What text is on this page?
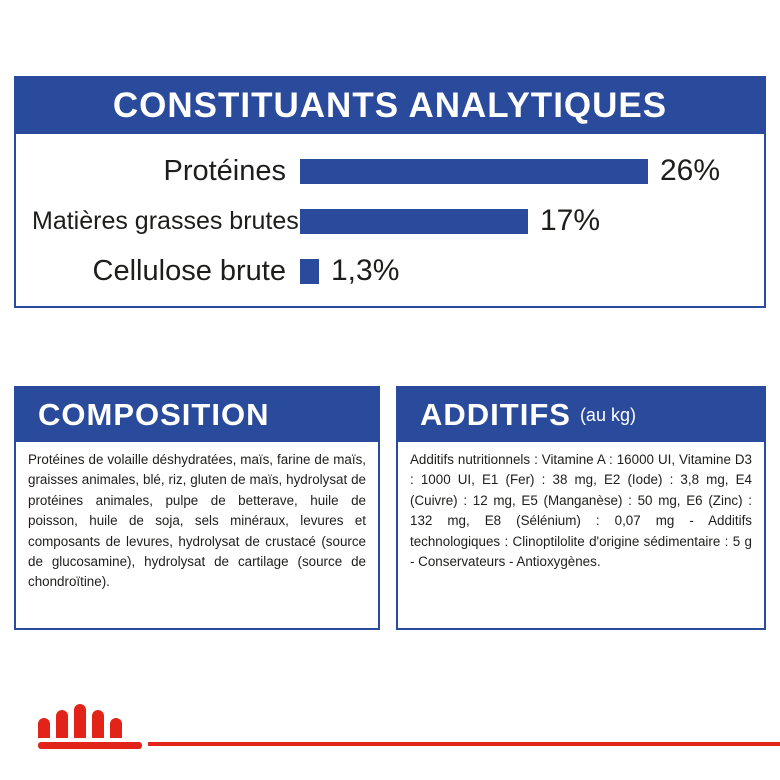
CONSTITUANTS ANALYTIQUES
Protéines	26%
Matières grasses brutes	17%
Cellulose brute	1,3%
COMPOSITION
Protéines de volaille déshydratées, maïs, farine de maïs, graisses animales, blé, riz, gluten de maïs, hydrolysat de protéines animales, pulpe de betterave, huile de poisson, huile de soja, sels minéraux, levures et composants de levures, hydrolysat de crustacé (source de glucosamine), hydrolysat de cartilage (source de chondroïtine).
ADDITIFS (au kg)
Additifs nutritionnels : Vitamine A : 16000 UI, Vitamine D3 : 1000 UI, E1 (Fer) : 38 mg, E2 (Iode) : 3,8 mg, E4 (Cuivre) : 12 mg, E5 (Manganèse) : 50 mg, E6 (Zinc) : 132 mg, E8 (Sélénium) : 0,07 mg - Additifs technologiques : Clinoptilolite d'origine sédimentaire : 5 g - Conservateurs - Antioxygènes.
